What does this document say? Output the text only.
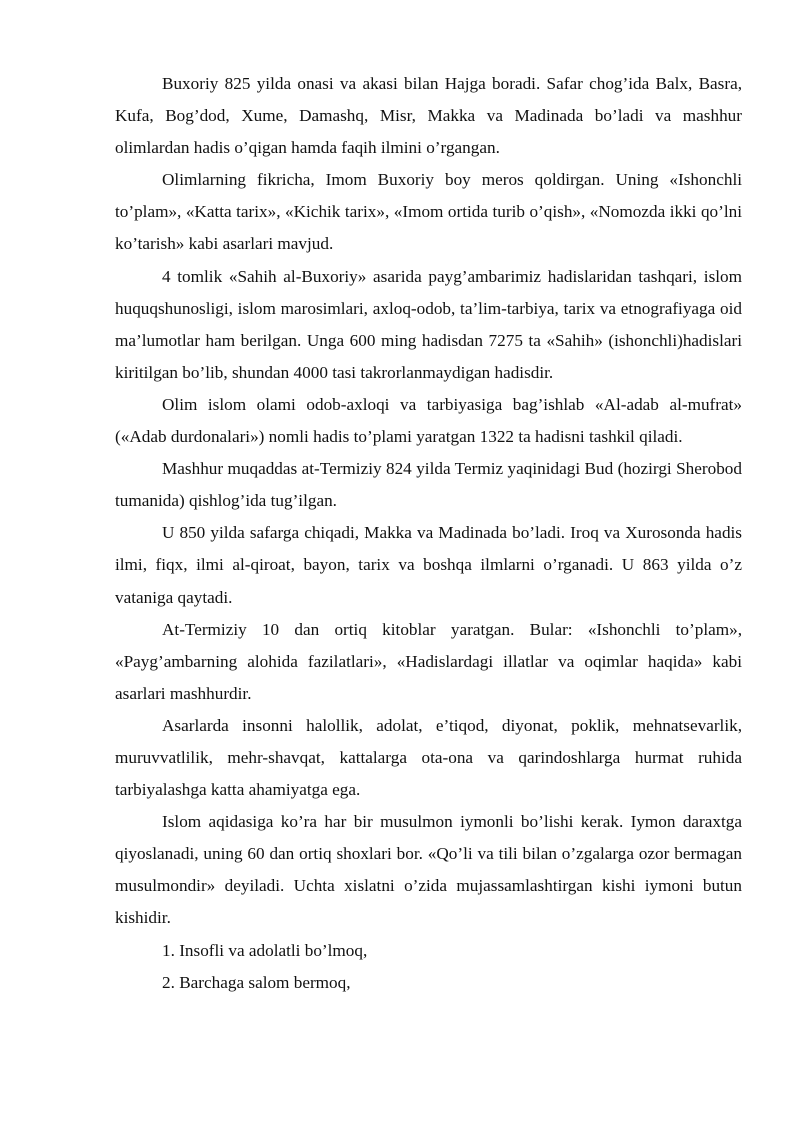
Buxoriy 825 yilda onasi va akasi bilan Hajga boradi. Safar chog’ida Balx, Basra, Kufa, Bog’dod, Xume, Damashq, Misr, Makka va Madinada bo’ladi va mashhur olimlardan hadis o’qigan hamda faqih ilmini o’rgangan.

Olimlarning fikricha, Imom Buxoriy boy meros qoldirgan. Uning «Ishonchli to’plam», «Katta tarix», «Kichik tarix», «Imom ortida turib o’qish», «Nomozda ikki qo’lni ko’tarish» kabi asarlari mavjud.

4 tomlik «Sahih al-Buxoriy» asarida payg’ambarimiz hadislaridan tashqari, islom huquqshunosligi, islom marosimlari, axloq-odob, ta’lim-tarbiya, tarix va etnografiyaga oid ma’lumotlar ham berilgan. Unga 600 ming hadisdan 7275 ta «Sahih» (ishonchli)hadislari kiritilgan bo’lib, shundan 4000 tasi takrorlanmaydigan hadisdir.

Olim islom olami odob-axloqi va tarbiyasiga bag’ishlab «Al-adab al-mufrat» («Adab durdonalari») nomli hadis to’plami yaratgan 1322 ta hadisni tashkil qiladi.

Mashhur muqaddas at-Termiziy 824 yilda Termiz yaqinidagi Bud (hozirgi Sherobod tumanida) qishlog’ida tug’ilgan.

U 850 yilda safarga chiqadi, Makka va Madinada bo’ladi. Iroq va Xurosonda hadis ilmi, fiqx, ilmi al-qiroat, bayon, tarix va boshqa ilmlarni o’rganadi. U 863 yilda o’z vataniga qaytadi.

At-Termiziy 10 dan ortiq kitoblar yaratgan. Bular: «Ishonchli to’plam», «Payg’ambarning alohida fazilatlari», «Hadislardagi illatlar va oqimlar haqida» kabi asarlari mashhurdir.

Asarlarda insonni halollik, adolat, e’tiqod, diyonat, poklik, mehnatsevarlik, muruvvatlilik, mehr-shavqat, kattalarga ota-ona va qarindoshlarga hurmat ruhida tarbiyalashga katta ahamiyatga ega.

Islom aqidasiga ko’ra har bir musulmon iymonli bo’lishi kerak. Iymon daraxtga qiyoslanadi, uning 60 dan ortiq shoxlari bor. «Qo’li va tili bilan o’zgalarga ozor bermagan musulmondir» deyiladi. Uchta xislatni o’zida mujassamlashtirgan kishi iymoni butun kishidir.

1. Insofli va adolatli bo’lmoq,

2. Barchaga salom bermoq,
